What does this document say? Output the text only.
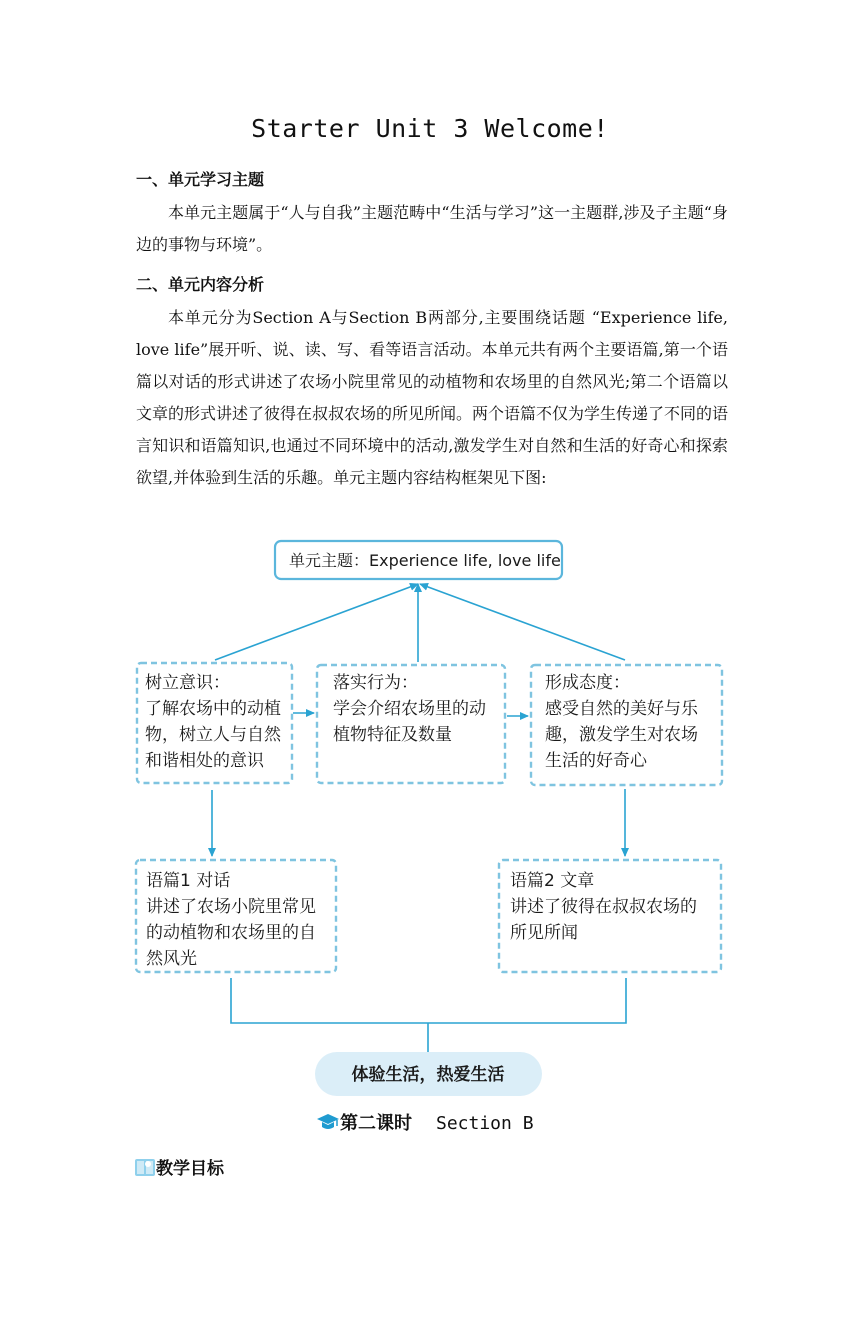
Starter Unit 3 Welcome!
一、单元学习主题

本单元主题属于“人与自我”主题范畴中“生活与学习”这一主题群,涉及子主题“身边的事物与环境”。

二、单元内容分析

本单元分为Section A与Section B两部分,主要围绕话题 “Experience life, love life”展开听、说、读、写、看等语言活动。本单元共有两个主要语篇,第一个语篇以对话的形式讲述了农场小院里常见的动植物和农场里的自然风光;第二个语篇以文章的形式讲述了彼得在叔叔农场的所见所闻。两个语篇不仅为学生传递了不同的语言知识和语篇知识,也通过不同环境中的活动,激发学生对自然和生活的好奇心和探索欲望,并体验到生活的乐趣。单元主题内容结构框架见下图:

单元主题：Experience life, love life
树立意识：
了解农场中的动植
物，树立人与自然
和谐相处的意识
落实行为：
学会介绍农场里的动
植物特征及数量
形成态度：
感受自然的美好与乐
趣，激发学生对农场
生活的好奇心
语篇1 对话
讲述了农场小院里常见
的动植物和农场里的自
然风光
语篇2 文章
讲述了彼得在叔叔农场的
所见所闻
体验生活，热爱生活
第二课时 Section B
教学目标
